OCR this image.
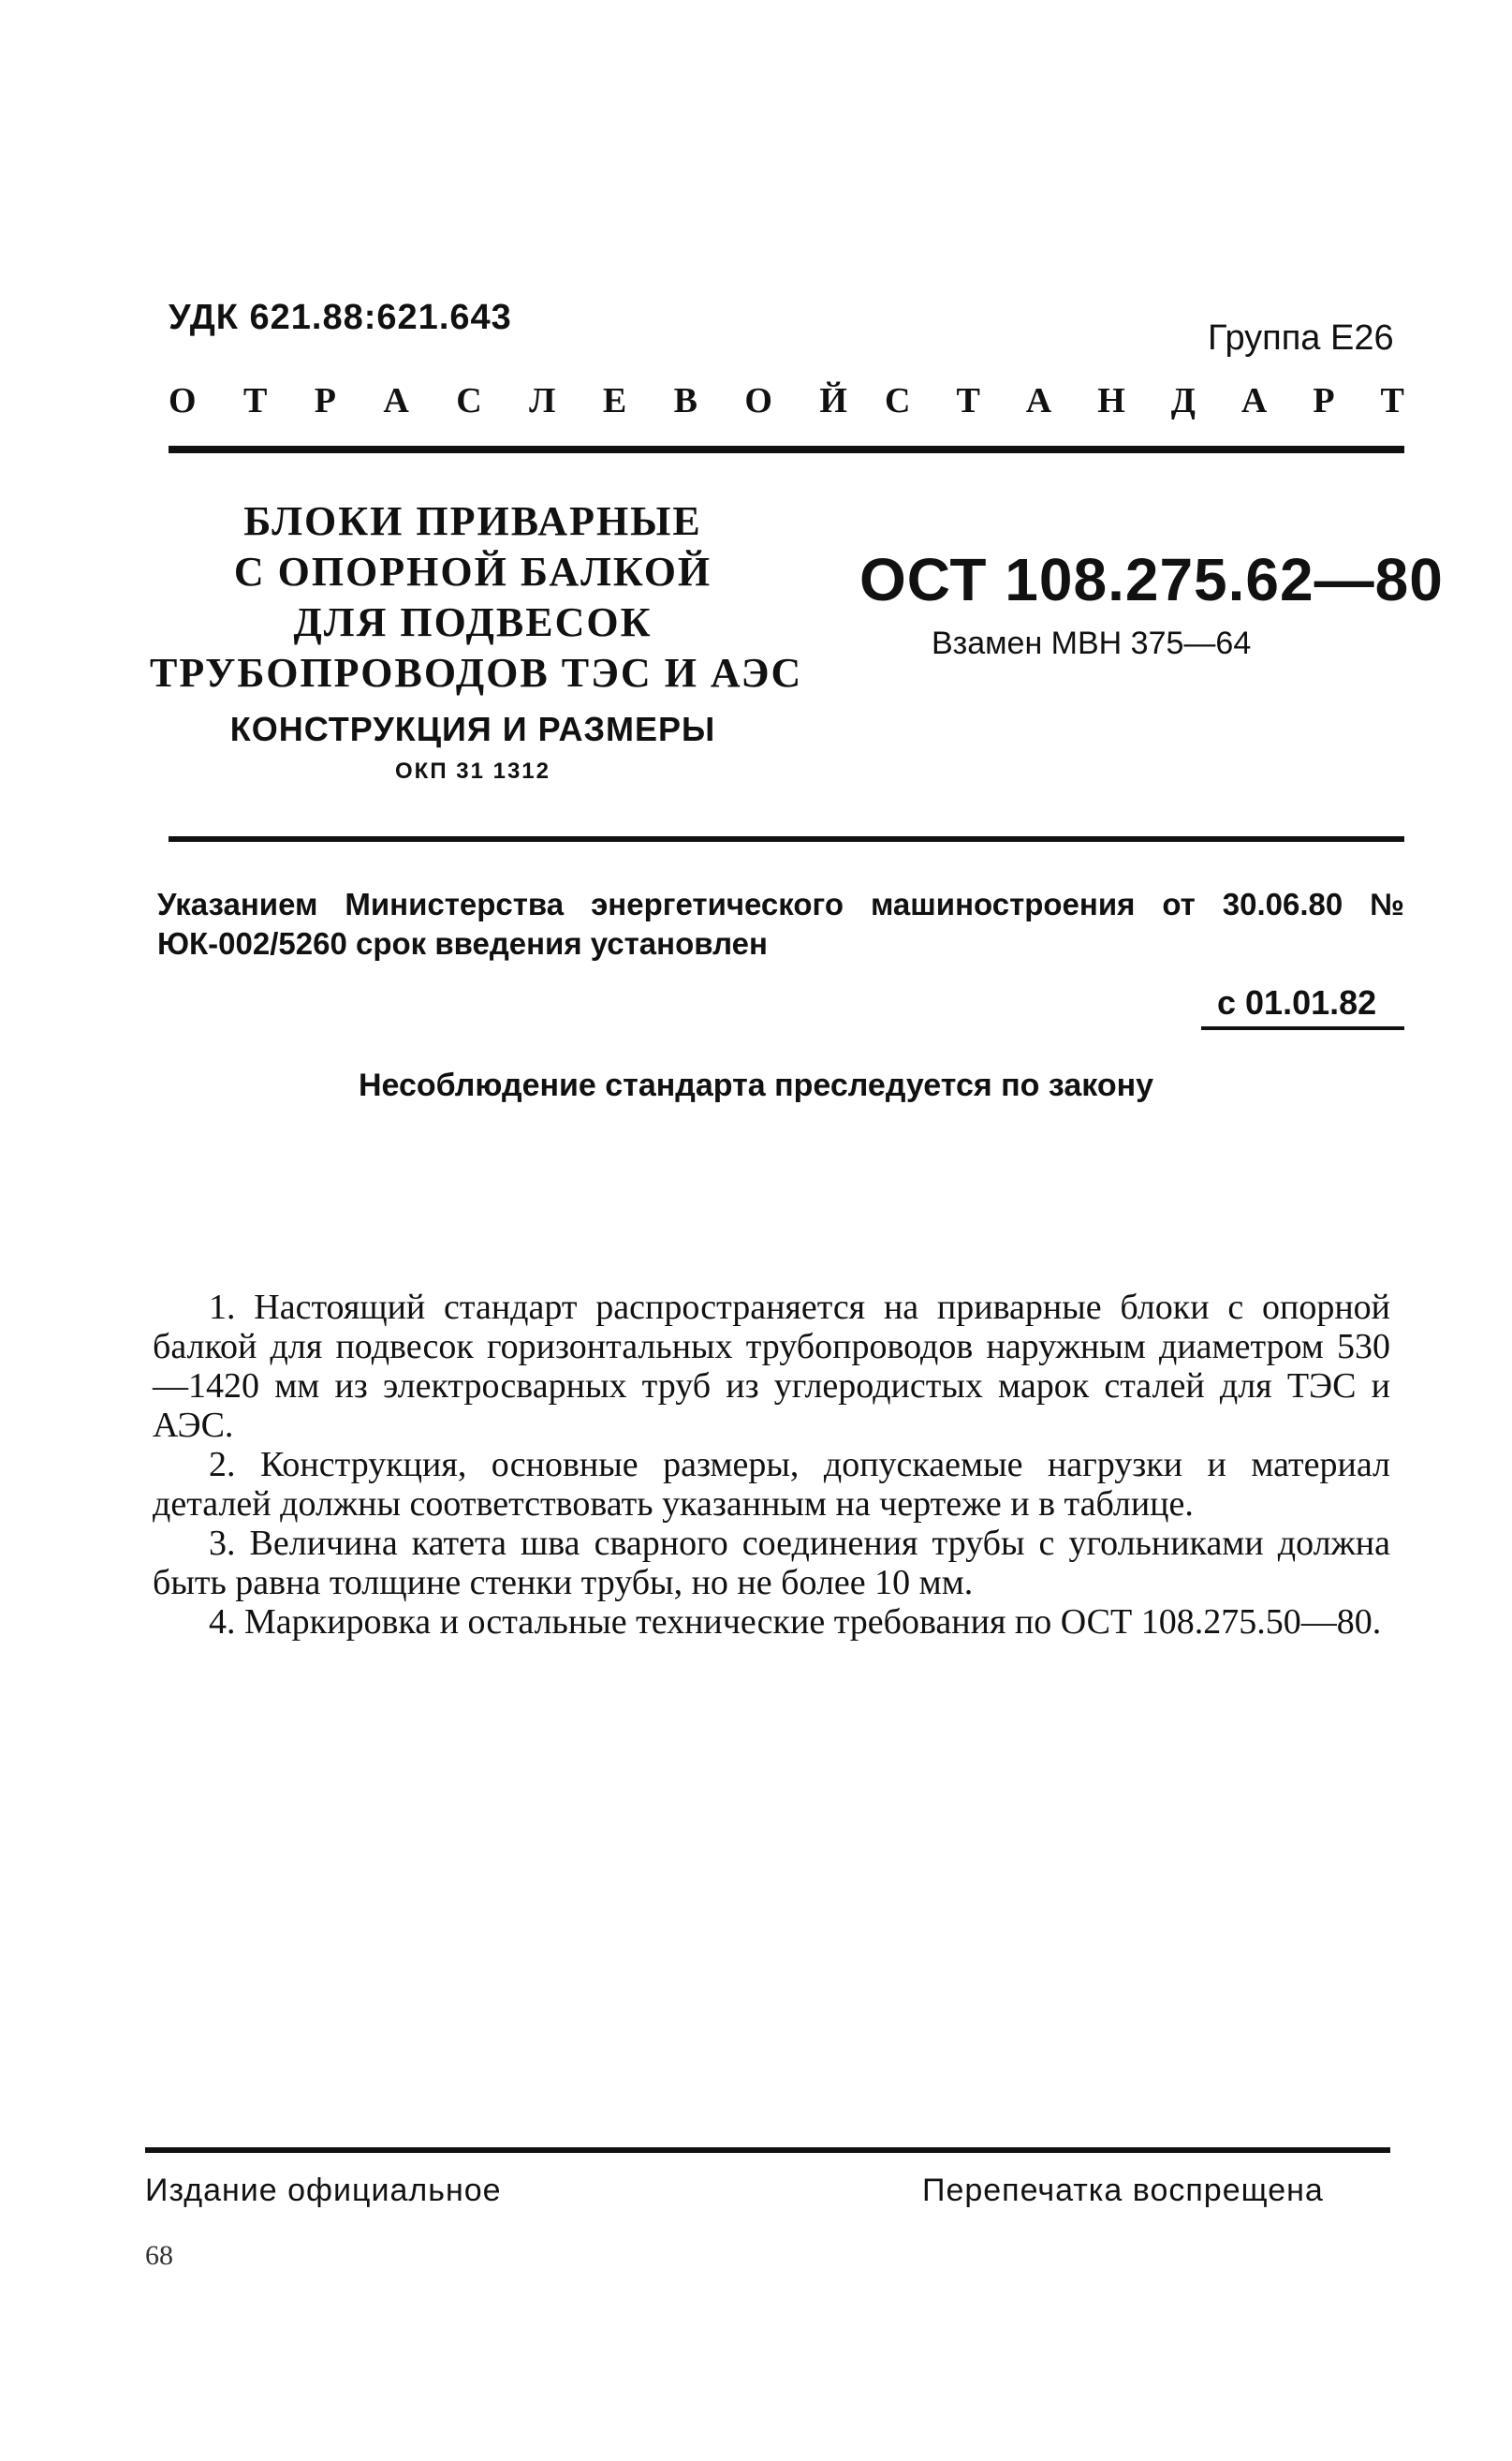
УДК 621.88:621.643
Группа Е26
О Т Р А С Л Е В О Й С Т А Н Д А Р Т
БЛОКИ ПРИВАРНЫЕ
С ОПОРНОЙ БАЛКОЙ
ДЛЯ ПОДВЕСОК
ТРУБОПРОВОДОВ ТЭС И АЭС
КОНСТРУКЦИЯ И РАЗМЕРЫ
ОКП 31 1312
ОСТ 108.275.62—80
Взамен МВН 375—64
Указанием Министерства энергетического машиностроения от 30.06.80 № ЮК-002/5260 срок введения установлен
с 01.01.82
Несоблюдение стандарта преследуется по закону

1. Настоящий стандарт распространяется на приварные блоки с опорной балкой для подвесок горизонтальных трубопроводов наружным диаметром 530—1420 мм из электросварных труб из углеродистых марок сталей для ТЭС и АЭС.

2. Конструкция, основные размеры, допускаемые нагрузки и материал деталей должны соответствовать указанным на чертеже и в таблице.

3. Величина катета шва сварного соединения трубы с угольниками должна быть равна толщине стенки трубы, но не более 10 мм.

4. Маркировка и остальные технические требования по ОСТ 108.275.50—80.

Издание официальное	Перепечатка воспрещена
68
